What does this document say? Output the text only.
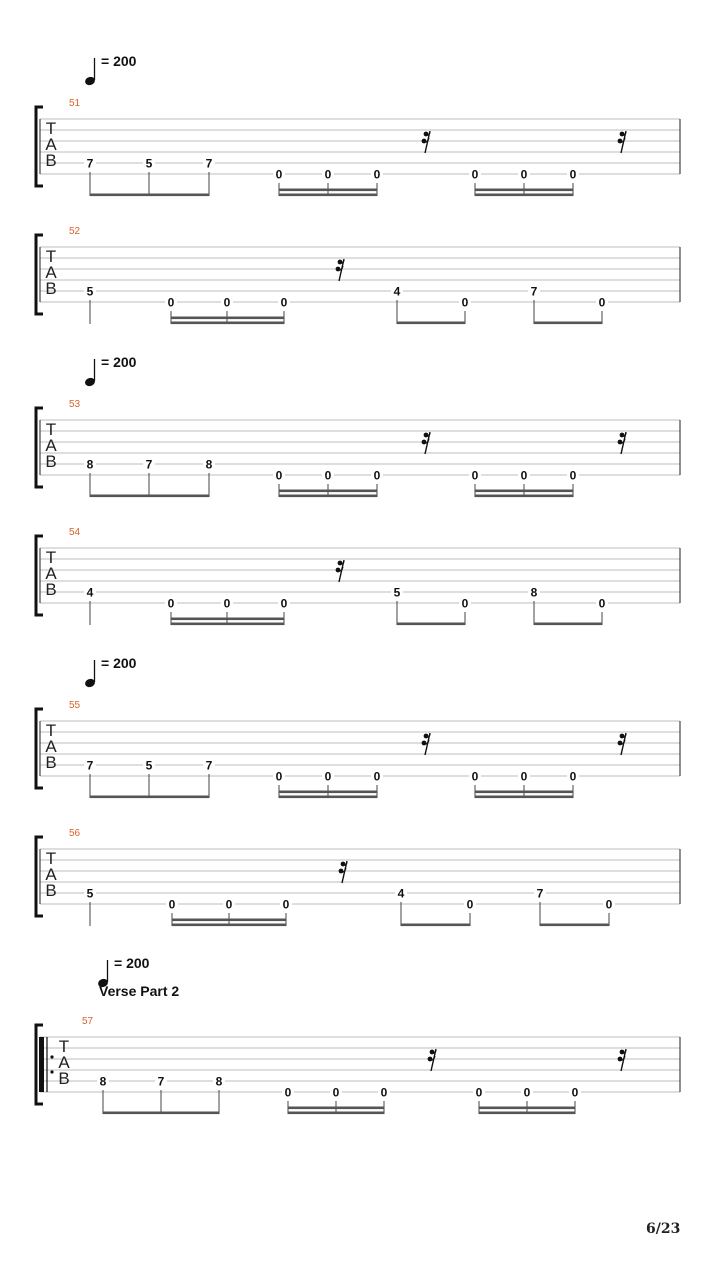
= 200
51
T
A
B 7	5	7
0	0	0	0	0	0
52
T
A
B 5
0	0	0
4
0
7
0
= 200
53
T
A
B 8	7	8
0	0	0	0	0	0
54
T
A
B 4
0	0	0
5
0
8
0
= 200
55
T
A
B 7	5	7
0	0	0	0	0	0
56
T
A
B 5
0	0	0
4
0
7
0
= 200
Verse Part 2
57
T
A
B 8	7	8
0	0	0	0	0	0
6/23
